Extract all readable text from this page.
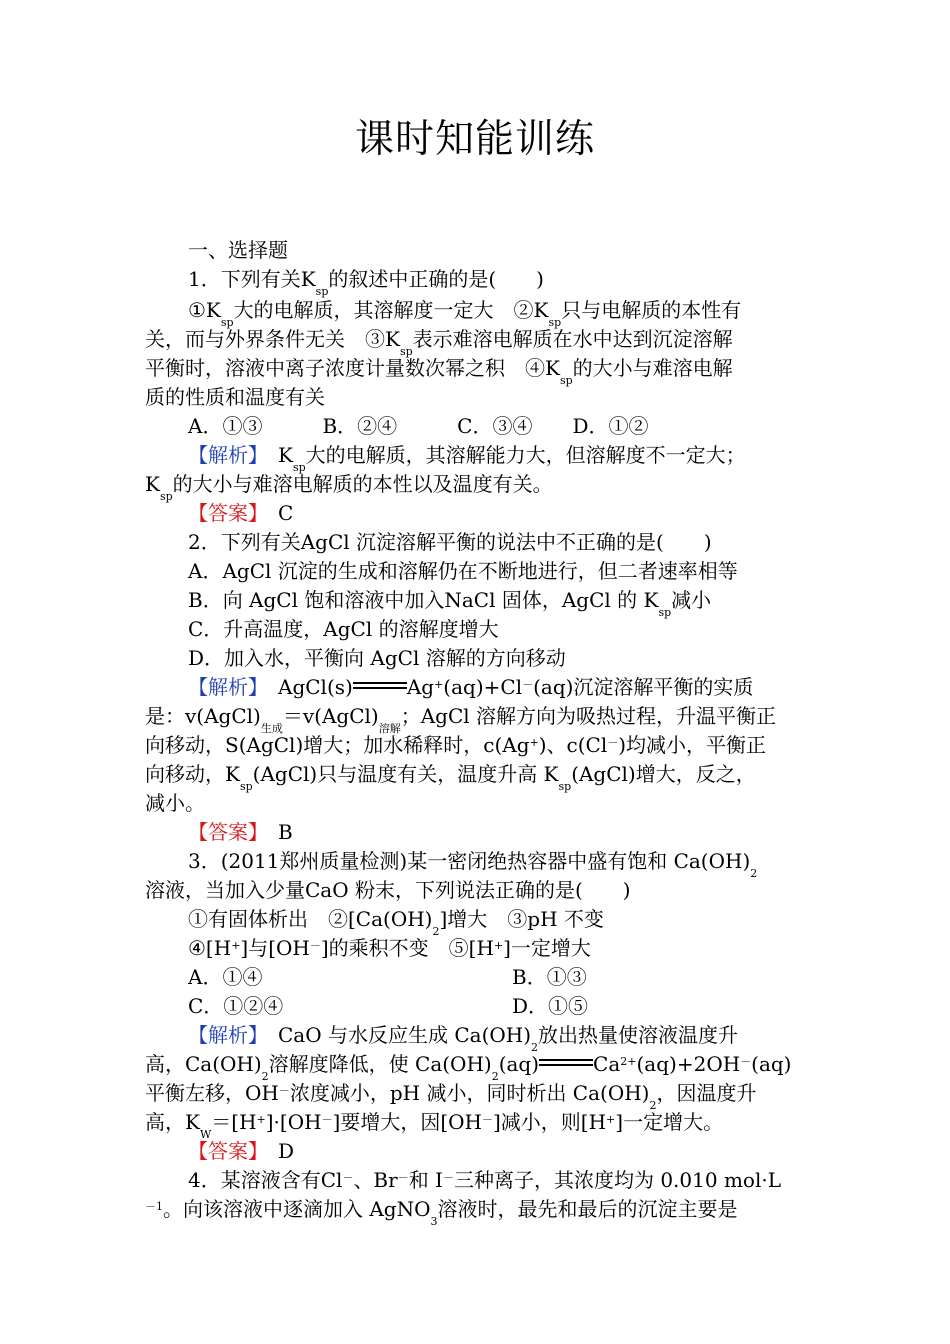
课时知能训练
一、选择题
1．下列有关$K_{sp}$的叙述中正确的是(　　)
$①K_{sp}$大的电解质，其溶解度一定大　$②K_{sp}$只与电解质的本性有
关，而与外界条件无关　$③K_{sp}$表示难溶电解质在水中达到沉淀溶解
平衡时，溶液中离子浓度计量数次幂之积　$④K_{sp}$的大小与难溶电解
质的性质和温度有关
A．①③　　　B．②④　　　C．③④　　D．①②
【解析】　$K_{sp}$大的电解质，其溶解能力大，但溶解度不一定大；
$K_{sp}$的大小与难溶电解质的本性以及温度有关。
【答案】　C
2．下列有关AgCl 沉淀溶解平衡的说法中不正确的是(　　)
A．AgCl 沉淀的生成和溶解仍在不断地进行，但二者速率相等
B．向 AgCl 饱和溶液中加入NaCl 固体，AgCl 的 $K_{sp}$减小
C．升高温度，AgCl 的溶解度增大
D．加入水，平衡向 AgCl 溶解的方向移动
【解析】　AgCl(s)	Ag+(aq)+Cl－(aq)沉淀溶解平衡的实质
是：$v(AgCl)_{生成}=v(AgCl)_{溶解}$；AgCl 溶解方向为吸热过程，升温平衡正
向移动，S(AgCl)增大；加水稀释时，c(Ag+)、c(Cl－)均减小，平衡正
向移动，$K_{sp}(AgCl)$只与温度有关，温度升高 $K_{sp}(AgCl)$增大，反之，
减小。
【答案】　B
3．(2011郑州质量检测)某一密闭绝热容器中盛有饱和 $Ca(OH)_2$
溶液，当加入少量CaO 粉末，下列说法正确的是(　　)
①有固体析出　$②[Ca(OH)_2]$增大　③pH 不变
④[H+]与[OH－]的乘积不变　⑤[H+]一定增大
A．①④	B．①③
C．①②④	D．①⑤
【解析】　CaO 与水反应生成 $Ca(OH)_2$放出热量使溶液温度升
高，$Ca(OH)_2$溶解度降低，使 $Ca(OH)_2(aq)$	$Ca^{2+}(aq)+2OH^-(aq)$
平衡左移，OH－浓度减小，pH 减小，同时析出 $Ca(OH)_2$，因温度升
高，$K_W=[H^+]\cdot[OH^-]$要增大，因[OH－]减小，则[H+]一定增大。
【答案】　D
4．某溶液含有Cl－、Br－和 I－三种离子，其浓度均为 0.010 mol·L
$^{-1}$。向该溶液中逐滴加入 AgNO$_3$溶液时，最先和最后的沉淀主要是
